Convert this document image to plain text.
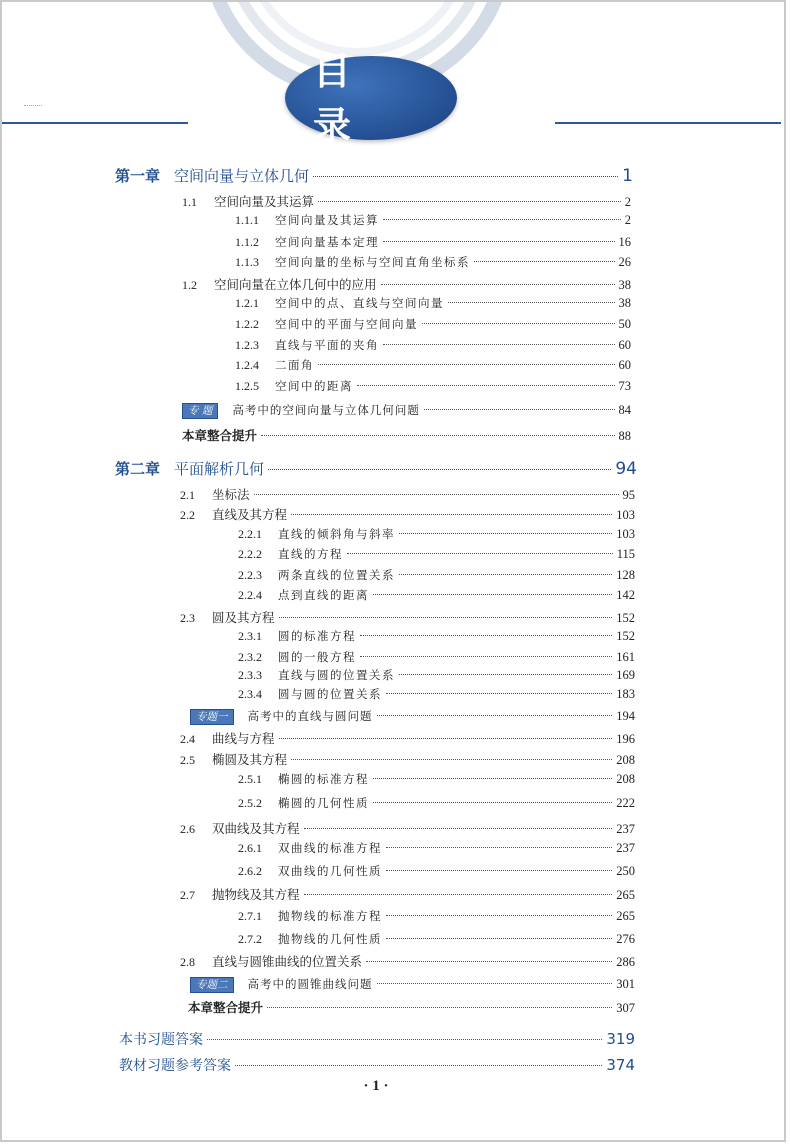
目 录
第一章 空间向量与立体几何	1
1.1	空间向量及其运算	2
1.1.1	空间向量及其运算	2
1.1.2	空间向量基本定理	16
1.1.3	空间向量的坐标与空间直角坐标系	26
1.2	空间向量在立体几何中的应用	38
1.2.1	空间中的点、直线与空间向量	38
1.2.2	空间中的平面与空间向量	50
1.2.3	直线与平面的夹角	60
1.2.4	二面角	60
1.2.5	空间中的距离	73
专 题	高考中的空间向量与立体几何问题	84
本章整合提升	88
第二章 平面解析几何	94
2.1	坐标法	95
2.2	直线及其方程	103
2.2.1	直线的倾斜角与斜率	103
2.2.2	直线的方程	115
2.2.3	两条直线的位置关系	128
2.2.4	点到直线的距离	142
2.3	圆及其方程	152
2.3.1	圆的标准方程	152
2.3.2	圆的一般方程	161
2.3.3	直线与圆的位置关系	169
2.3.4	圆与圆的位置关系	183
专题一	高考中的直线与圆问题	194
2.4	曲线与方程	196
2.5	椭圆及其方程	208
2.5.1	椭圆的标准方程	208
2.5.2	椭圆的几何性质	222
2.6	双曲线及其方程	237
2.6.1	双曲线的标准方程	237
2.6.2	双曲线的几何性质	250
2.7	抛物线及其方程	265
2.7.1	抛物线的标准方程	265
2.7.2	抛物线的几何性质	276
2.8	直线与圆锥曲线的位置关系	286
专题二	高考中的圆锥曲线问题	301
本章整合提升	307
本书习题答案	319
教材习题参考答案	374
· 1 ·
